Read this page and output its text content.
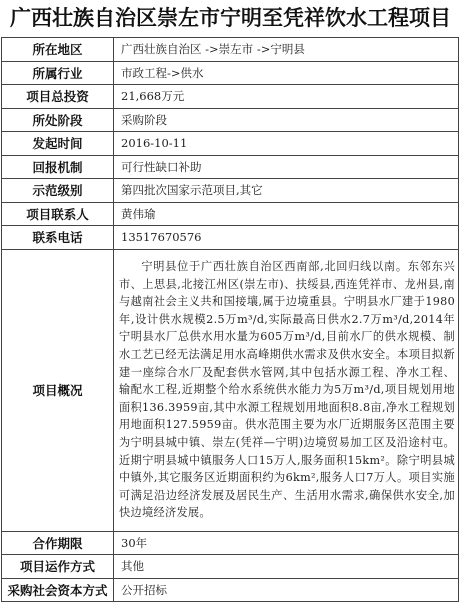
广西壮族自治区崇左市宁明至凭祥饮水工程项目
所在地区	广西壮族自治区 ->崇左市 ->宁明县
所属行业	市政工程->供水
项目总投资	21,668万元
所处阶段	采购阶段
发起时间	2016-10-11
回报机制	可行性缺口补助
示范级别	第四批次国家示范项目,其它
项目联系人	黄伟瑜
联系电话	13517670576
项目概况	宁明县位于广西壮族自治区西南部,北回归线以南。东邻东兴市、上思县,北接江州区(崇左市)、扶绥县,西连凭祥市、龙州县,南与越南社会主义共和国接壤,属于边境重县。宁明县水厂建于1980年,设计供水规模2.5万m³/d,实际最高日供水2.7万m³/d,2014年宁明县水厂总供水用水量为605万m³/d,目前水厂的供水规模、制水工艺已经无法满足用水高峰期供水需求及供水安全。本项目拟新建一座综合水厂及配套供水管网,其中包括水源工程、净水工程、输配水工程,近期整个给水系统供水能力为5万m³/d,项目规划用地面积136.3959亩,其中水源工程规划用地面积8.8亩,净水工程规划用地面积127.5959亩。供水范围主要为水厂近期服务区范围主要为宁明县城中镇、崇左(凭祥—宁明)边境贸易加工区及沿途村屯。近期宁明县城中镇服务人口15万人,服务面积15km²。除宁明县城中镇外,其它服务区近期面积约为6km²,服务人口7万人。项目实施可满足沿边经济发展及居民生产、生活用水需求,确保供水安全,加快边境经济发展。
合作期限	30年
项目运作方式	其他
采购社会资本方式	公开招标
